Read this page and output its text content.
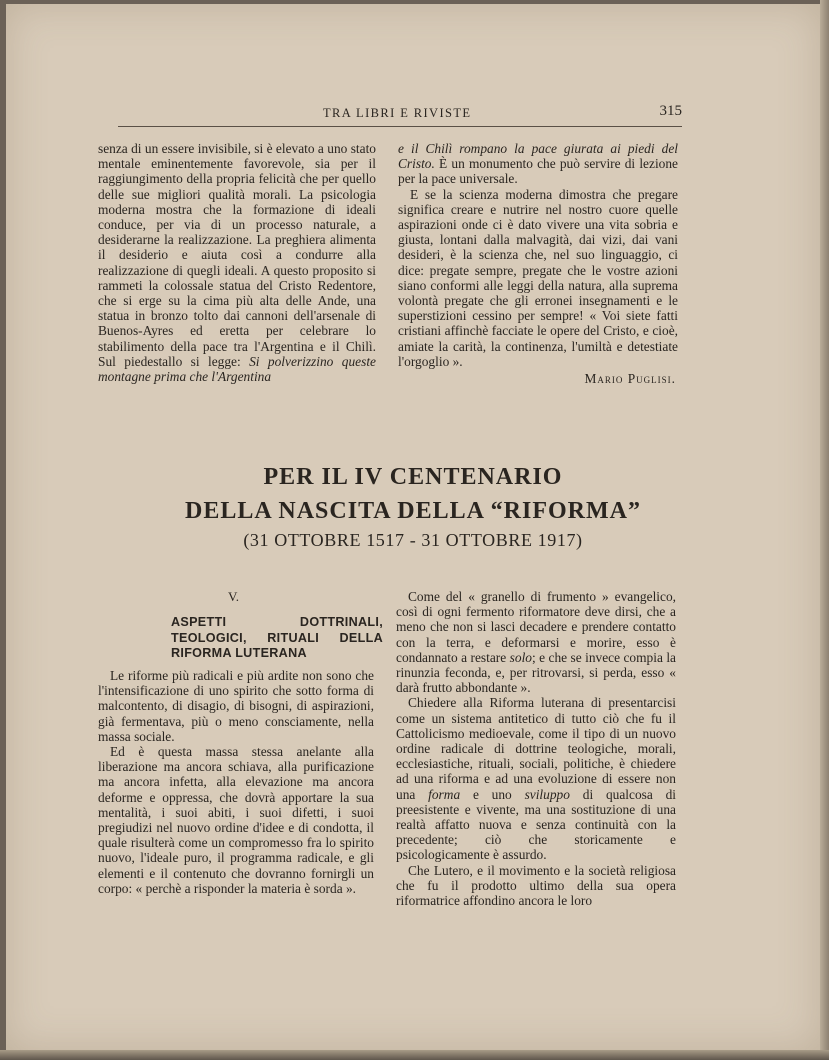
TRA LIBRI E RIVISTE	315

senza di un essere invisibile, si è elevato a uno stato mentale eminentemente favorevole, sia per il raggiungimento della propria felicità che per quello delle sue migliori qualità morali. La psicologia moderna mostra che la formazione di ideali conduce, per via di un processo naturale, a desiderarne la realizzazione. La preghiera alimenta il desiderio e aiuta così a condurre alla realizzazione di quegli ideali. A questo proposito si rammeti la colossale statua del Cristo Redentore, che si erge su la cima più alta delle Ande, una statua in bronzo tolto dai cannoni dell'arsenale di Buenos-Ayres ed eretta per celebrare lo stabilimento della pace tra l'Argentina e il Chilì. Sul piedestallo si legge: Si polverizzino queste montagne prima che l'Argentina

e il Chilì rompano la pace giurata ai piedi del Cristo. È un monumento che può servire di lezione per la pace universale.

E se la scienza moderna dimostra che pregare significa creare e nutrire nel nostro cuore quelle aspirazioni onde ci è dato vivere una vita sobria e giusta, lontani dalla malvagità, dai vizi, dai vani desideri, è la scienza che, nel suo linguaggio, ci dice: pregate sempre, pregate che le vostre azioni siano conformi alle leggi della natura, alla suprema volontà pregate che gli erronei insegnamenti e le superstizioni cessino per sempre! « Voi siete fatti cristiani affinchè facciate le opere del Cristo, e cioè, amiate la carità, la continenza, l'umiltà e detestiate l'orgoglio ».

Mario Puglisi.
PER IL IV CENTENARIO
DELLA NASCITA DELLA “RIFORMA”
(31 OTTOBRE 1517 - 31 OTTOBRE 1917)
V.
ASPETTI DOTTRINALI, TEOLOGICI, RITUALI DELLA RIFORMA LUTERANA

Le riforme più radicali e più ardite non sono che l'intensificazione di uno spirito che sotto forma di malcontento, di disagio, di bisogni, di aspirazioni, già fermentava, più o meno consciamente, nella massa sociale.

Ed è questa massa stessa anelante alla liberazione ma ancora schiava, alla purificazione ma ancora infetta, alla elevazione ma ancora deforme e oppressa, che dovrà apportare la sua mentalità, i suoi abiti, i suoi difetti, i suoi pregiudizi nel nuovo ordine d'idee e di condotta, il quale risulterà come un compromesso fra lo spirito nuovo, l'ideale puro, il programma radicale, e gli elementi e il contenuto che dovranno fornirgli un corpo: « perchè a risponder la materia è sorda ».

Come del « granello di frumento » evangelico, così di ogni fermento riformatore deve dirsi, che a meno che non si lasci decadere e prendere contatto con la terra, e deformarsi e morire, esso è condannato a restare solo; e che se invece compia la rinunzia feconda, e, per ritrovarsi, si perda, esso « darà frutto abbondante ».

Chiedere alla Riforma luterana di presentarcisi come un sistema antitetico di tutto ciò che fu il Cattolicismo medioevale, come il tipo di un nuovo ordine radicale di dottrine teologiche, morali, ecclesiastiche, rituali, sociali, politiche, è chiedere ad una riforma e ad una evoluzione di essere non una forma e uno sviluppo di qualcosa di preesistente e vivente, ma una sostituzione di una realtà affatto nuova e senza continuità con la precedente; ciò che storicamente e psicologicamente è assurdo.

Che Lutero, e il movimento e la società religiosa che fu il prodotto ultimo della sua opera riformatrice affondino ancora le loro
